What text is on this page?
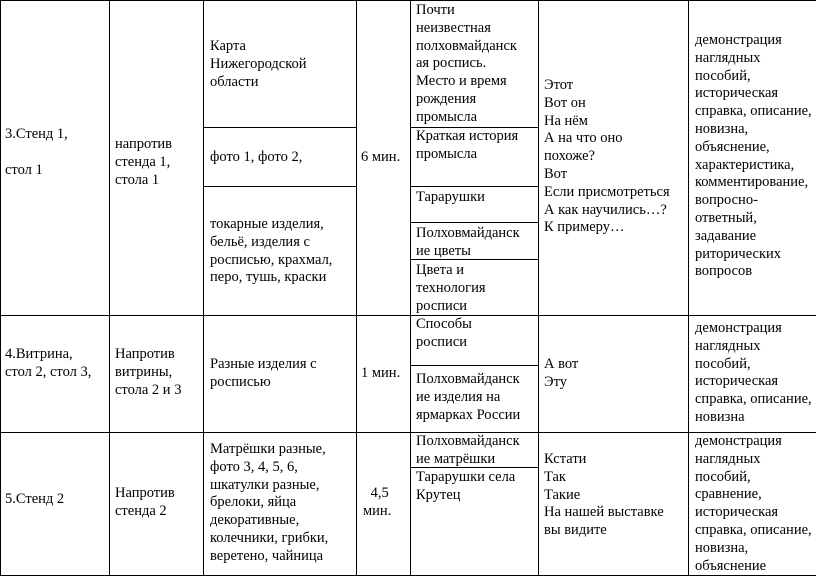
3.Стенд 1,

стол 1
напротив
стенда 1,
стола 1
Карта
Нижегородской
области
фото 1, фото 2,
токарные изделия,
бельё, изделия с
росписью, крахмал,
перо, тушь, краски
6 мин.
Почти
неизвестная
полховмайданск
ая роспись.
Место и время
рождения
промысла
Краткая история
промысла
Тарарушки
Полховмайданск
ие цветы
Цвета и
технология
росписи
Этот
Вот он
На нём
А на что оно
похоже?
Вот
Если присмотреться
А как научились…?
К примеру…
демонстрация
наглядных
пособий,
историческая
справка, описание,
новизна,
объяснение,
характеристика,
комментирование,
вопросно-
ответный,
задавание
риторических
вопросов
4.Витрина,
стол 2, стол 3,
Напротив
витрины,
стола 2 и 3
Разные изделия с
росписью
1 мин.
Способы
росписи
Полховмайданск
ие изделия на
ярмарках России
А вот
Эту
демонстрация
наглядных
пособий,
историческая
справка, описание,
новизна
5.Стенд 2	Напротив
стенда 2
Матрёшки разные,
фото 3, 4, 5, 6,
шкатулки разные,
брелоки, яйца
декоративные,
колечники, грибки,
веретено, чайница
4,5
мин.
Полховмайданск
ие матрёшки
Тарарушки села
Крутец
Кстати
Так
Такие
На нашей выставке
вы видите
демонстрация
наглядных
пособий,
сравнение,
историческая
справка, описание,
новизна,
объяснение
